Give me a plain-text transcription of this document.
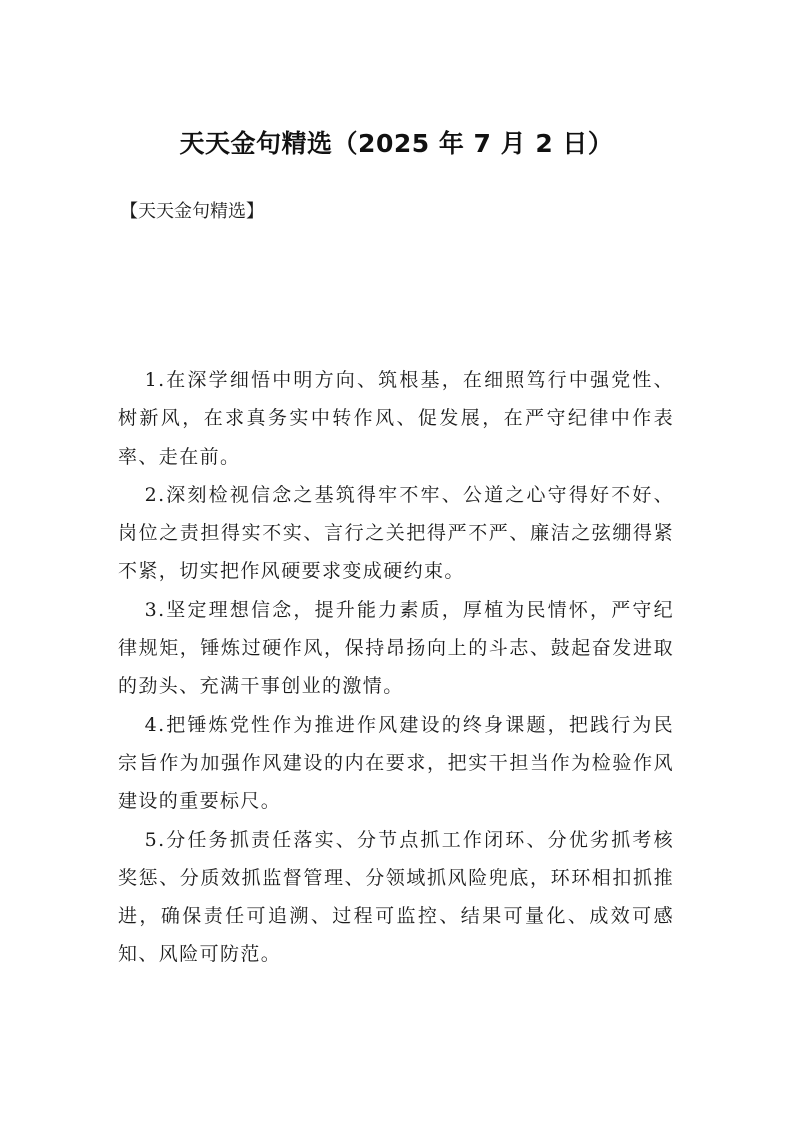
天天金句精选（2025 年 7 月 2 日）
【天天金句精选】

1.在深学细悟中明方向、筑根基，在细照笃行中强党性、树新风，在求真务实中转作风、促发展，在严守纪律中作表率、走在前。

2.深刻检视信念之基筑得牢不牢、公道之心守得好不好、岗位之责担得实不实、言行之关把得严不严、廉洁之弦绷得紧不紧，切实把作风硬要求变成硬约束。

3.坚定理想信念，提升能力素质，厚植为民情怀，严守纪律规矩，锤炼过硬作风，保持昂扬向上的斗志、鼓起奋发进取的劲头、充满干事创业的激情。

4.把锤炼党性作为推进作风建设的终身课题，把践行为民宗旨作为加强作风建设的内在要求，把实干担当作为检验作风建设的重要标尺。

5.分任务抓责任落实、分节点抓工作闭环、分优劣抓考核奖惩、分质效抓监督管理、分领域抓风险兜底，环环相扣抓推进，确保责任可追溯、过程可监控、结果可量化、成效可感知、风险可防范。
